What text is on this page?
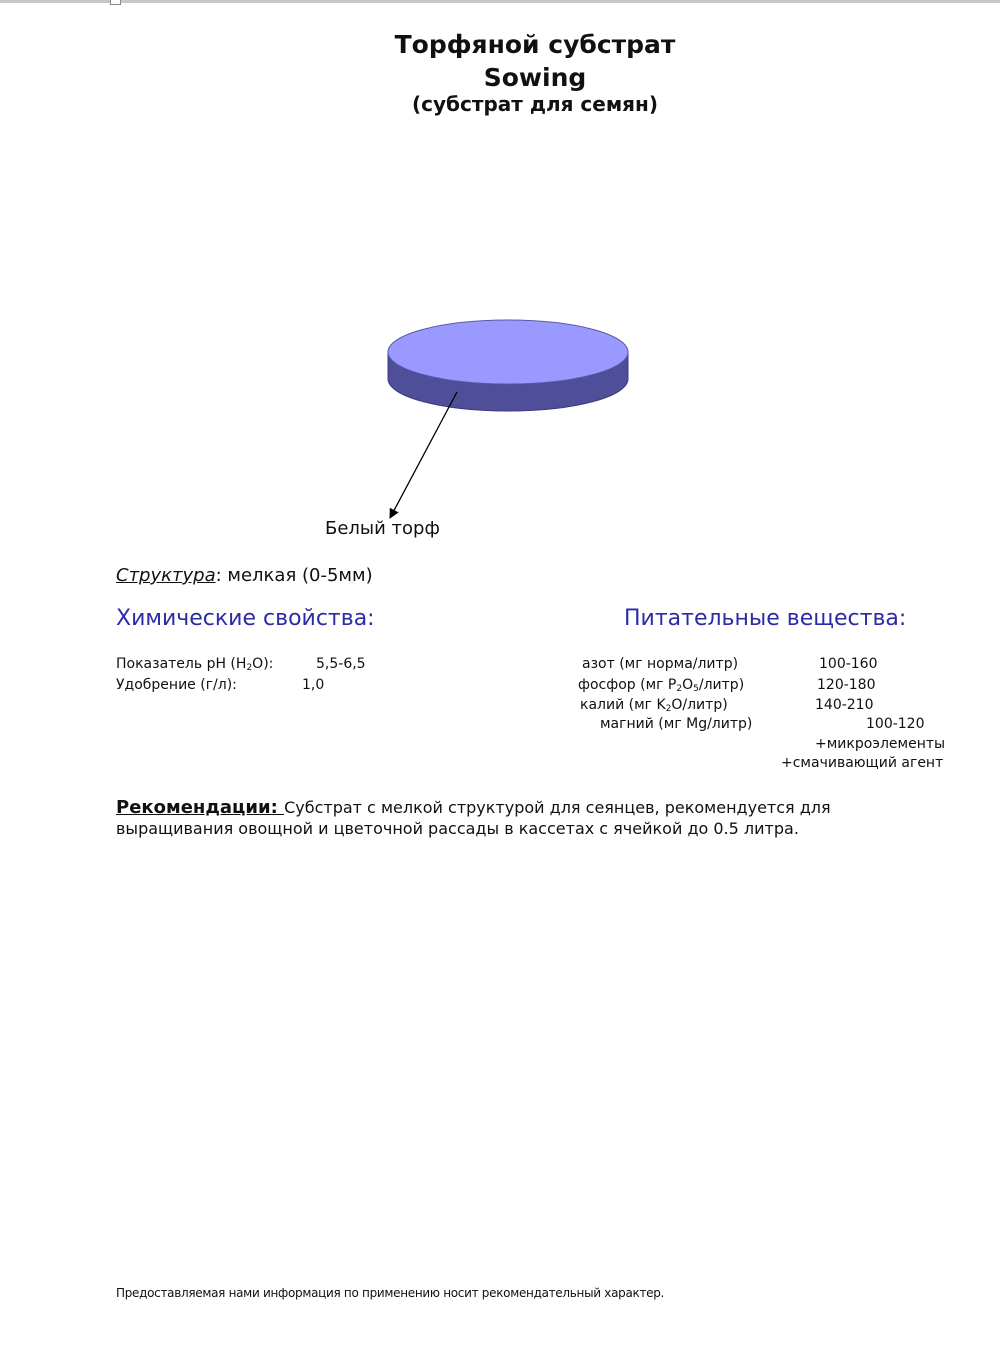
Торфяной субстрат
Sowing
(субстрат для семян)
Белый торф
Структура: мелкая (0-5мм)
Химические свойства:	Питательные вещества:
Показатель pH $(H_2O)$:	5,5-6,5
Удобрение (г/л):	1,0
азот (мг норма/литр)	100-160
фосфор (мг $P_2O_5/литр$)	120-180
калий (мг $K_2O/литр$)	140-210
магний (мг Mg/литр)	100-120
+микроэлементы
+смачивающий агент
Рекомендации: Субстрат с мелкой структурой для сеянцев, рекомендуется для выращивания овощной и цветочной рассады в кассетах с ячейкой до 0.5 литра.
Предоставляемая нами информация по применению носит рекомендательный характер.
